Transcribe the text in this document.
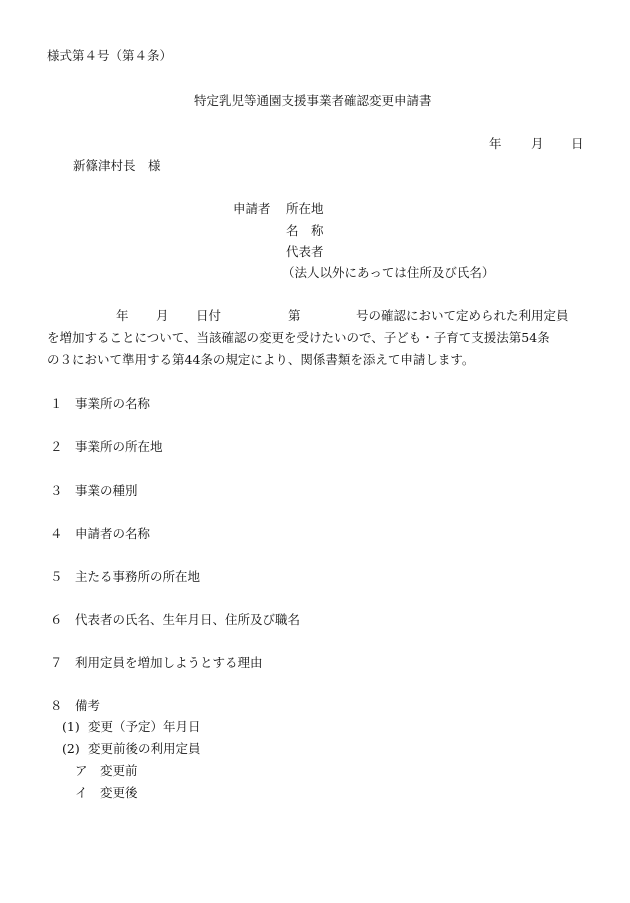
様式第４号（第４条）
特定乳児等通園支援事業者確認変更申請書
年 月 日
新篠津村長　様
申請者 所在地
名　称
代表者
（法人以外にあっては住所及び氏名）
年 月 日付	第	号の確認において定められた利用定員
を増加することについて、当該確認の変更を受けたいので、子ども・子育て支援法第54条
の３において準用する第44条の規定により、関係書類を添えて申請します。
１ 事業所の名称
２ 事業所の所在地
３ 事業の種別
４ 申請者の名称
５ 主たる事務所の所在地
６ 代表者の氏名、生年月日、住所及び職名
７ 利用定員を増加しようとする理由
８ 備考
(1) 変更（予定）年月日
(2) 変更前後の利用定員
ア 変更前
イ 変更後
